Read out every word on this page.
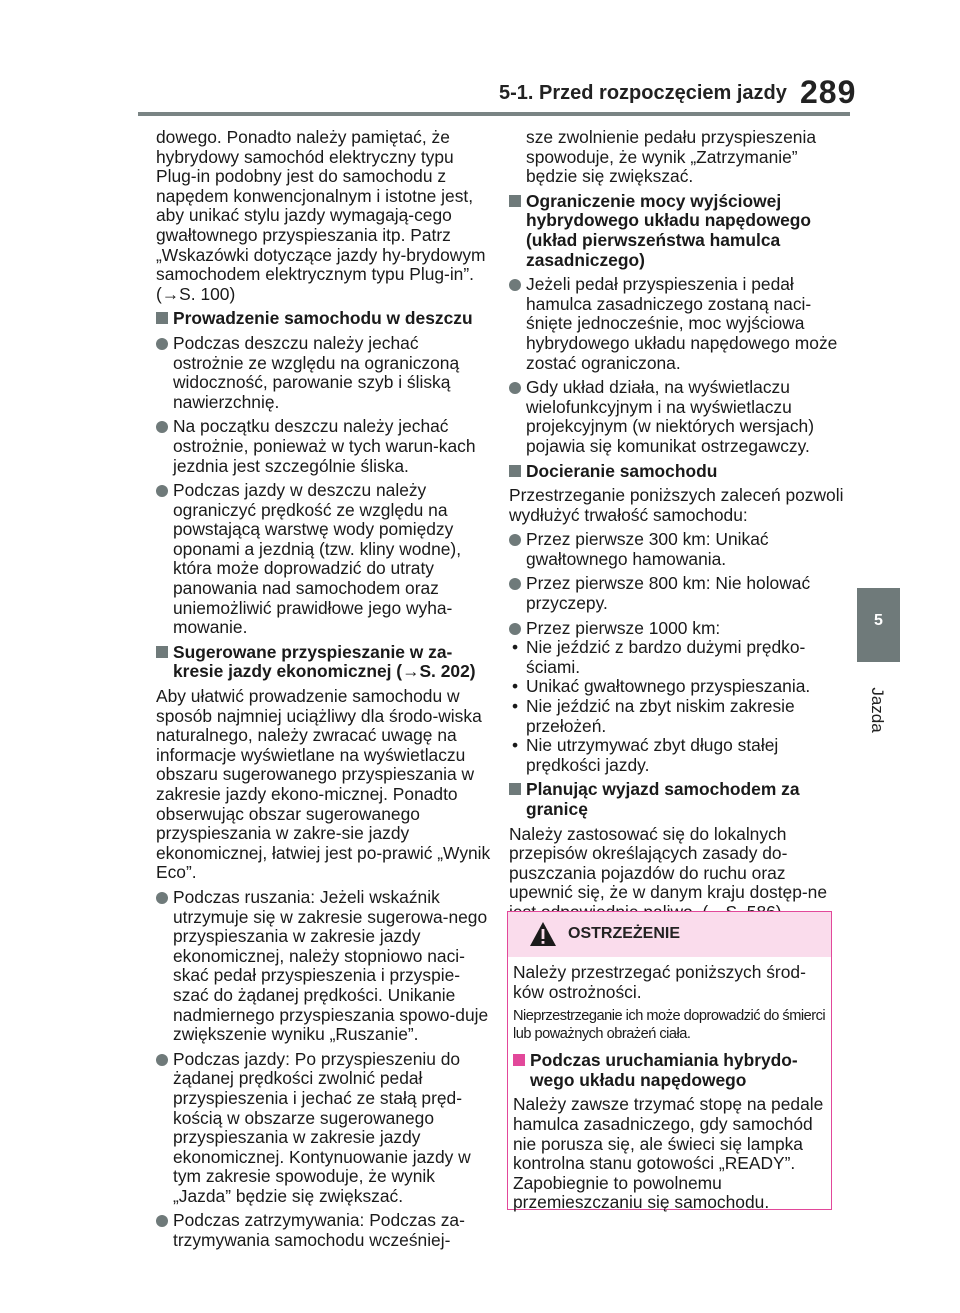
5-1. Przed rozpoczęciem jazdy 289
5
Jazda

dowego. Ponadto należy pamiętać, że hybrydowy samochód elektryczny typu Plug-in podobny jest do samochodu z napędem konwencjonalnym i istotne jest, aby unikać stylu jazdy wymagają-cego gwałtownego przyspieszania itp. Patrz „Wskazówki dotyczące jazdy hy-brydowym samochodem elektrycznym typu Plug-in”. (→S. 100)

Prowadzenie samochodu w deszczu
Podczas deszczu należy jechać ostrożnie ze względu na ograniczoną widoczność, parowanie szyb i śliską nawierzchnię.
Na początku deszczu należy jechać ostrożnie, ponieważ w tych warun-kach jezdnia jest szczególnie śliska.
Podczas jazdy w deszczu należy ograniczyć prędkość ze względu na powstającą warstwę wody pomiędzy oponami a jezdnią (tzw. kliny wodne), która może doprowadzić do utraty panowania nad samochodem oraz uniemożliwić prawidłowe jego wyha-mowanie.
Sugerowane przyspieszanie w za-kresie jazdy ekonomicznej (→S. 202)

Aby ułatwić prowadzenie samochodu w sposób najmniej uciążliwy dla środo-wiska naturalnego, należy zwracać uwagę na informacje wyświetlane na wyświetlaczu obszaru sugerowanego przyspieszania w zakresie jazdy ekono-micznej. Ponadto obserwując obszar sugerowanego przyspieszania w zakre-sie jazdy ekonomicznej, łatwiej jest po-prawić „Wynik Eco”.

Podczas ruszania: Jeżeli wskaźnik utrzymuje się w zakresie sugerowa-nego przyspieszania w zakresie jazdy ekonomicznej, należy stopniowo naci-skać pedał przyspieszenia i przyspie-szać do żądanej prędkości. Unikanie nadmiernego przyspieszania spowo-duje zwiększenie wyniku „Ruszanie”.
Podczas jazdy: Po przyspieszeniu do żądanej prędkości zwolnić pedał przyspieszenia i jechać ze stałą pręd-kością w obszarze sugerowanego przyspieszania w zakresie jazdy ekonomicznej. Kontynuowanie jazdy w tym zakresie spowoduje, że wynik „Jazda” będzie się zwiększać.
Podczas zatrzymywania: Podczas za-trzymywania samochodu wcześniej-

sze zwolnienie pedału przyspieszenia spowoduje, że wynik „Zatrzymanie” będzie się zwiększać.

Ograniczenie mocy wyjściowej hybrydowego układu napędowego (układ pierwszeństwa hamulca zasadniczego)
Jeżeli pedał przyspieszenia i pedał hamulca zasadniczego zostaną naci-śnięte jednocześnie, moc wyjściowa hybrydowego układu napędowego może zostać ograniczona.
Gdy układ działa, na wyświetlaczu wielofunkcyjnym i na wyświetlaczu projekcyjnym (w niektórych wersjach) pojawia się komunikat ostrzegawczy.
Docieranie samochodu

Przestrzeganie poniższych zaleceń pozwoli wydłużyć trwałość samochodu:

Przez pierwsze 300 km: Unikać gwałtownego hamowania.
Przez pierwsze 800 km: Nie holować przyczepy.
Przez pierwsze 1000 km:
• Nie jeździć z bardzo dużymi prędko-ściami.
• Unikać gwałtownego przyspieszania.
• Nie jeździć na zbyt niskim zakresie przełożeń.
• Nie utrzymywać zbyt długo stałej prędkości jazdy.
Planując wyjazd samochodem za granicę

Należy zastosować się do lokalnych przepisów określających zasady do-puszczania pojazdów do ruchu oraz upewnić się, że w danym kraju dostęp-ne

OSTRZEŻENIE

Należy przestrzegać poniższych środ-ków ostrożności.

Nieprzestrzeganie ich może doprowadzić do śmierci lub poważnych obrażeń ciała.

Podczas uruchamiania hybrydo-wego układu napędowego

Należy zawsze trzymać stopę na pedale hamulca zasadniczego, gdy samochód nie porusza się, ale świeci się lampka kontrolna stanu gotowości „READY”. Zapobiegnie to powolnemu przemieszczaniu się samochodu.
